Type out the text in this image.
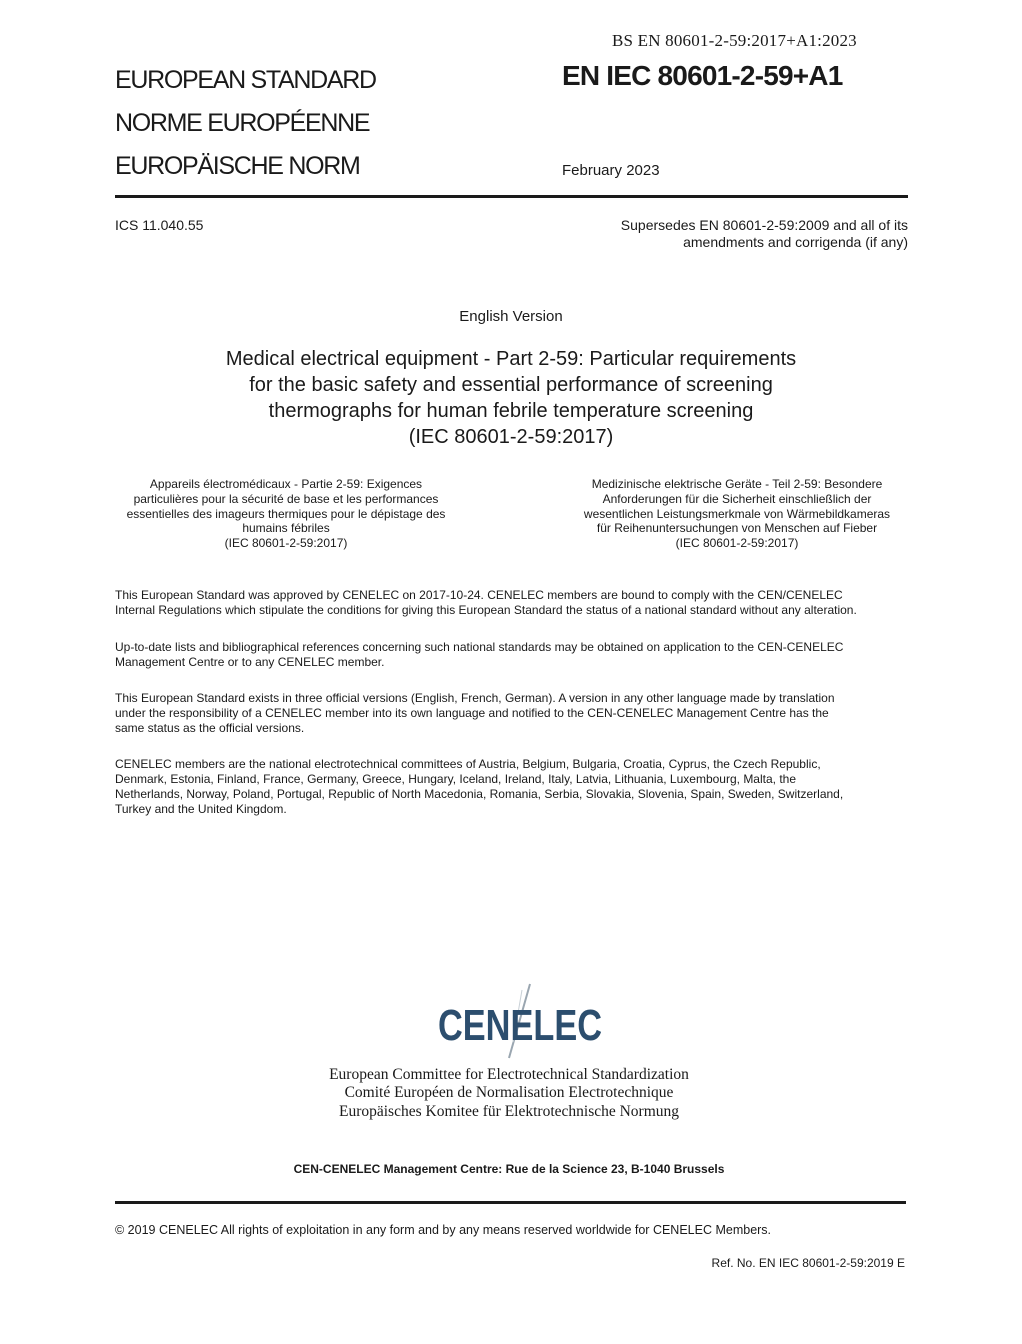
BS EN 80601-2-59:2017+A1:2023
EUROPEAN STANDARD
NORME EUROPÉENNE
EUROPÄISCHE NORM
EN IEC 80601-2-59+A1
February 2023
ICS 11.040.55	Supersedes EN 80601-2-59:2009 and all of its
amendments and corrigenda (if any)
English Version
Medical electrical equipment - Part 2-59: Particular requirements
for the basic safety and essential performance of screening
thermographs for human febrile temperature screening
(IEC 80601-2-59:2017)
Appareils électromédicaux - Partie 2-59: Exigences
particulières pour la sécurité de base et les performances
essentielles des imageurs thermiques pour le dépistage des
humains fébriles
(IEC 80601-2-59:2017)
Medizinische elektrische Geräte - Teil 2-59: Besondere
Anforderungen für die Sicherheit einschließlich der
wesentlichen Leistungsmerkmale von Wärmebildkameras
für Reihenuntersuchungen von Menschen auf Fieber
(IEC 80601-2-59:2017)
This European Standard was approved by CENELEC on 2017-10-24. CENELEC members are bound to comply with the CEN/CENELEC
Internal Regulations which stipulate the conditions for giving this European Standard the status of a national standard without any alteration.
Up-to-date lists and bibliographical references concerning such national standards may be obtained on application to the CEN-CENELEC
Management Centre or to any CENELEC member.
This European Standard exists in three official versions (English, French, German). A version in any other language made by translation
under the responsibility of a CENELEC member into its own language and notified to the CEN-CENELEC Management Centre has the
same status as the official versions.
CENELEC members are the national electrotechnical committees of Austria, Belgium, Bulgaria, Croatia, Cyprus, the Czech Republic,
Denmark, Estonia, Finland, France, Germany, Greece, Hungary, Iceland, Ireland, Italy, Latvia, Lithuania, Luxembourg, Malta, the
Netherlands, Norway, Poland, Portugal, Republic of North Macedonia, Romania, Serbia, Slovakia, Slovenia, Spain, Sweden, Switzerland,
Turkey and the United Kingdom.
CENELEC
European Committee for Electrotechnical Standardization
Comité Européen de Normalisation Electrotechnique
Europäisches Komitee für Elektrotechnische Normung
CEN-CENELEC Management Centre: Rue de la Science 23, B-1040 Brussels
© 2019 CENELEC All rights of exploitation in any form and by any means reserved worldwide for CENELEC Members.
Ref. No. EN IEC 80601-2-59:2019 E
